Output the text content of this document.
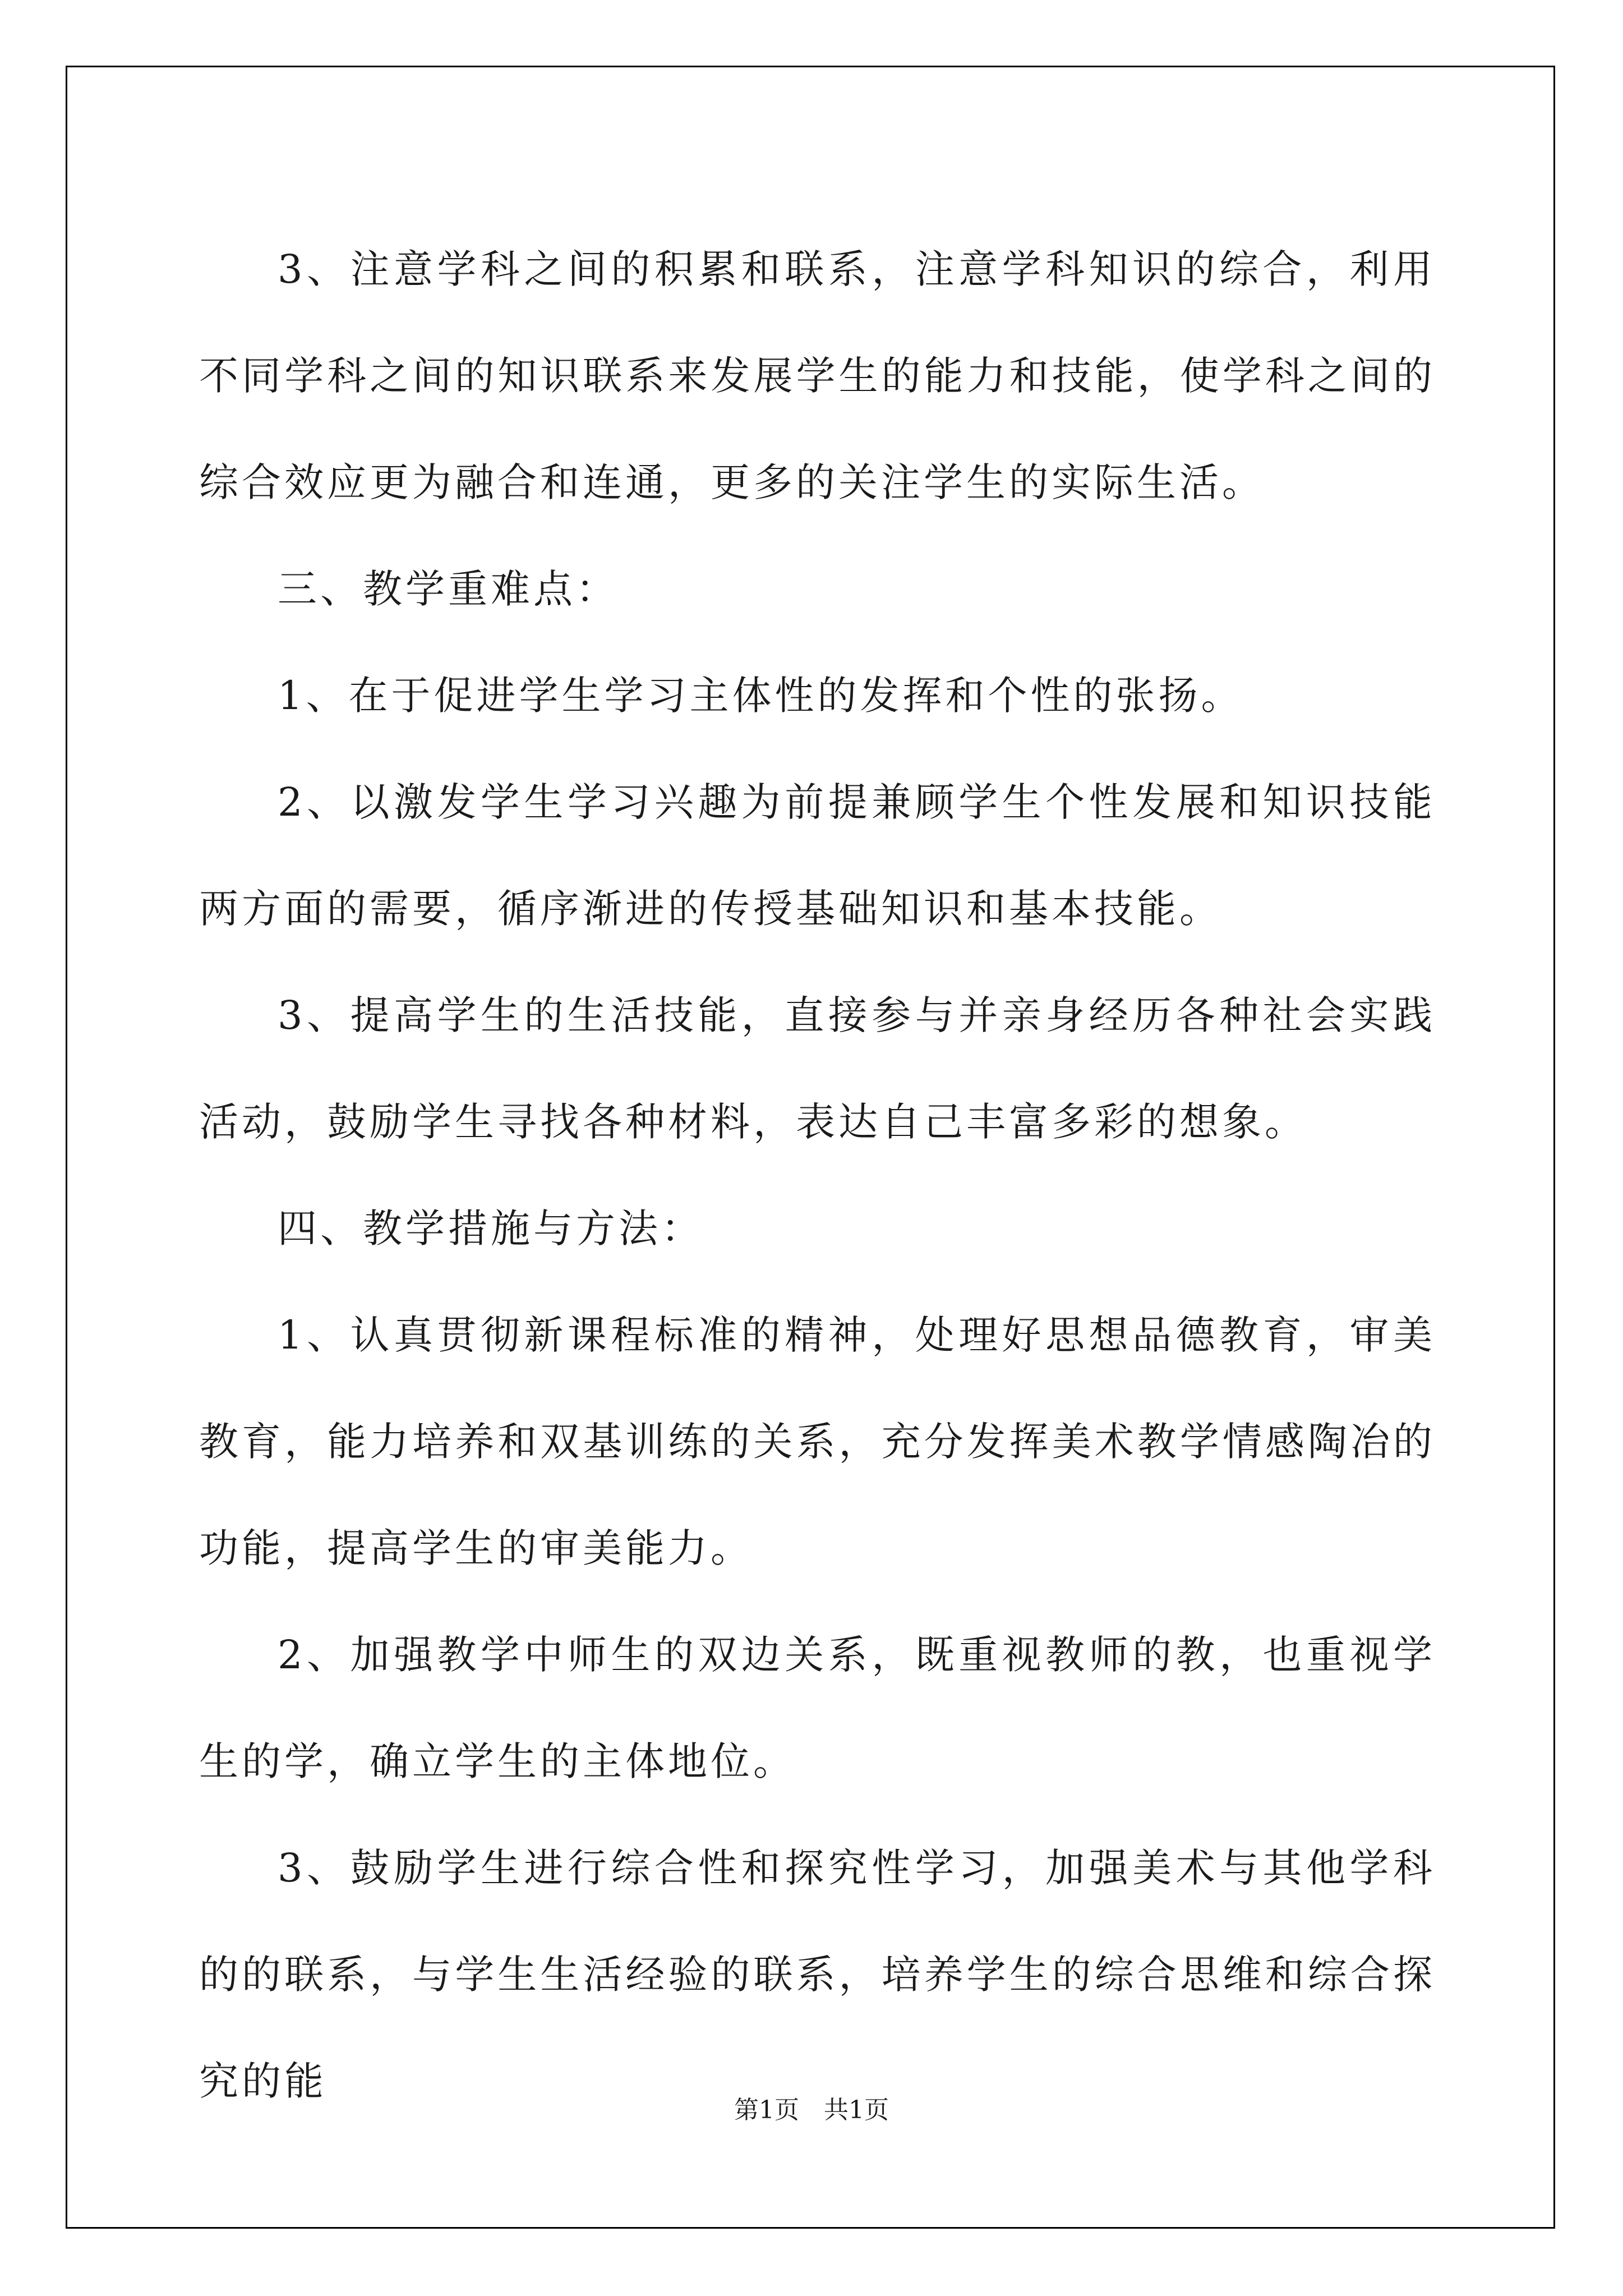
3、注意学科之间的积累和联系，注意学科知识的综合，利用不同学科之间的知识联系来发展学生的能力和技能，使学科之间的综合效应更为融合和连通，更多的关注学生的实际生活。

三、教学重难点：

1、在于促进学生学习主体性的发挥和个性的张扬。

2、以激发学生学习兴趣为前提兼顾学生个性发展和知识技能两方面的需要，循序渐进的传授基础知识和基本技能。

3、提高学生的生活技能，直接参与并亲身经历各种社会实践活动，鼓励学生寻找各种材料，表达自己丰富多彩的想象。

四、教学措施与方法：

1、认真贯彻新课程标准的精神，处理好思想品德教育，审美教育，能力培养和双基训练的关系，充分发挥美术教学情感陶冶的功能，提高学生的审美能力。

2、加强教学中师生的双边关系，既重视教师的教，也重视学生的学，确立学生的主体地位。

3、鼓励学生进行综合性和探究性学习，加强美术与其他学科的的联系，与学生生活经验的联系，培养学生的综合思维和综合探究的能

第1页　共1页
